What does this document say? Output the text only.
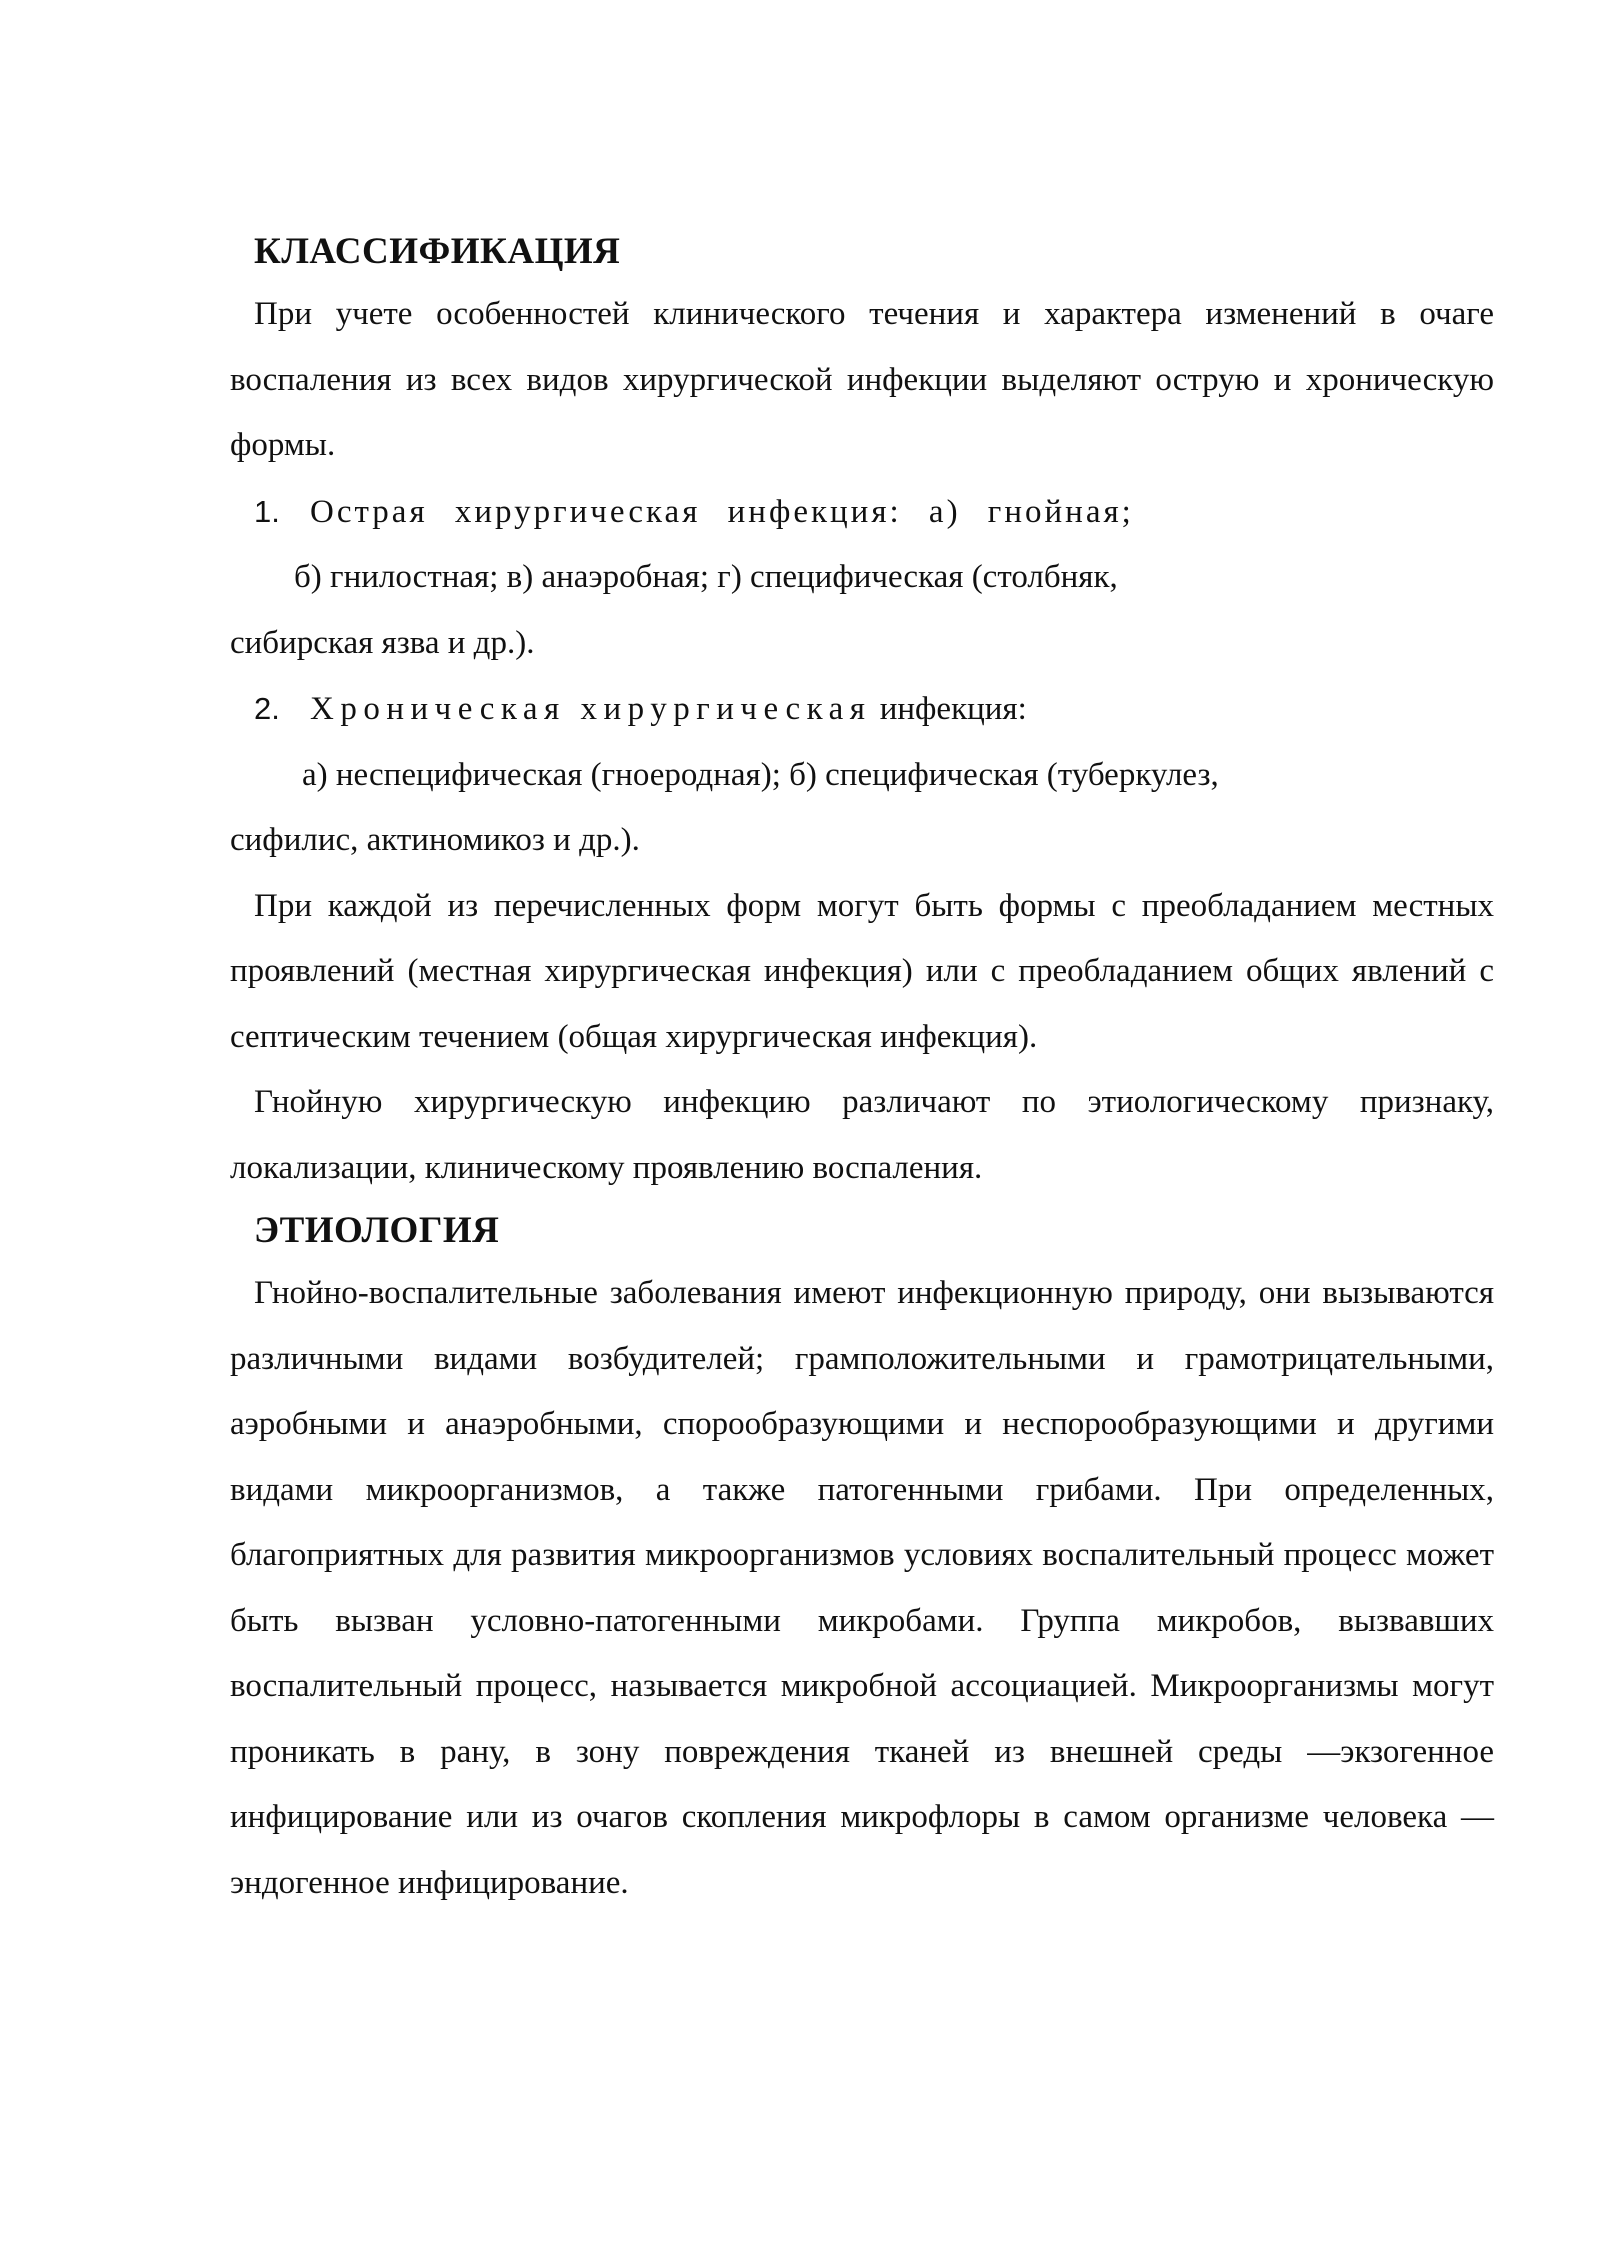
КЛАССИФИКАЦИЯ

При учете особенностей клинического течения и характера изменений в очаге воспаления из всех видов хирургической инфекции выделяют острую и хроническую формы.

1. Острая хирургическая инфекция: а) гнойная;

б) гнилостная; в) анаэробная; г) специфическая (столбняк,

сибирская язва и др.).

2. Хроническая хирургическая инфекция:

а) неспецифическая (гноеродная); б) специфическая (туберкулез,

сифилис, актиномикоз и др.).

При каждой из перечисленных форм могут быть формы с преобладанием местных проявлений (местная хирургическая инфекция) или с преобладанием общих явлений с септическим течением (общая хирургическая инфекция).

Гнойную хирургическую инфекцию различают по этиологическому признаку, локализации, клиническому проявлению воспаления.

ЭТИОЛОГИЯ

Гнойно-воспалительные заболевания имеют инфекционную природу, они вызываются различными видами возбудителей; грамположительными и грамотрицательными, аэробными и анаэробными, спорообразующими и неспорообразующими и другими видами микроорганизмов, а также патогенными грибами. При определенных, благоприятных для развития микроорганизмов условиях воспалительный процесс может быть вызван условно-патогенными микробами. Группа микробов, вызвавших воспалительный процесс, называется микробной ассоциацией. Микроорганизмы могут проникать в рану, в зону повреждения тканей из внешней среды —экзогенное инфицирование или из очагов скопления микрофлоры в самом организме человека — эндогенное инфицирование.
